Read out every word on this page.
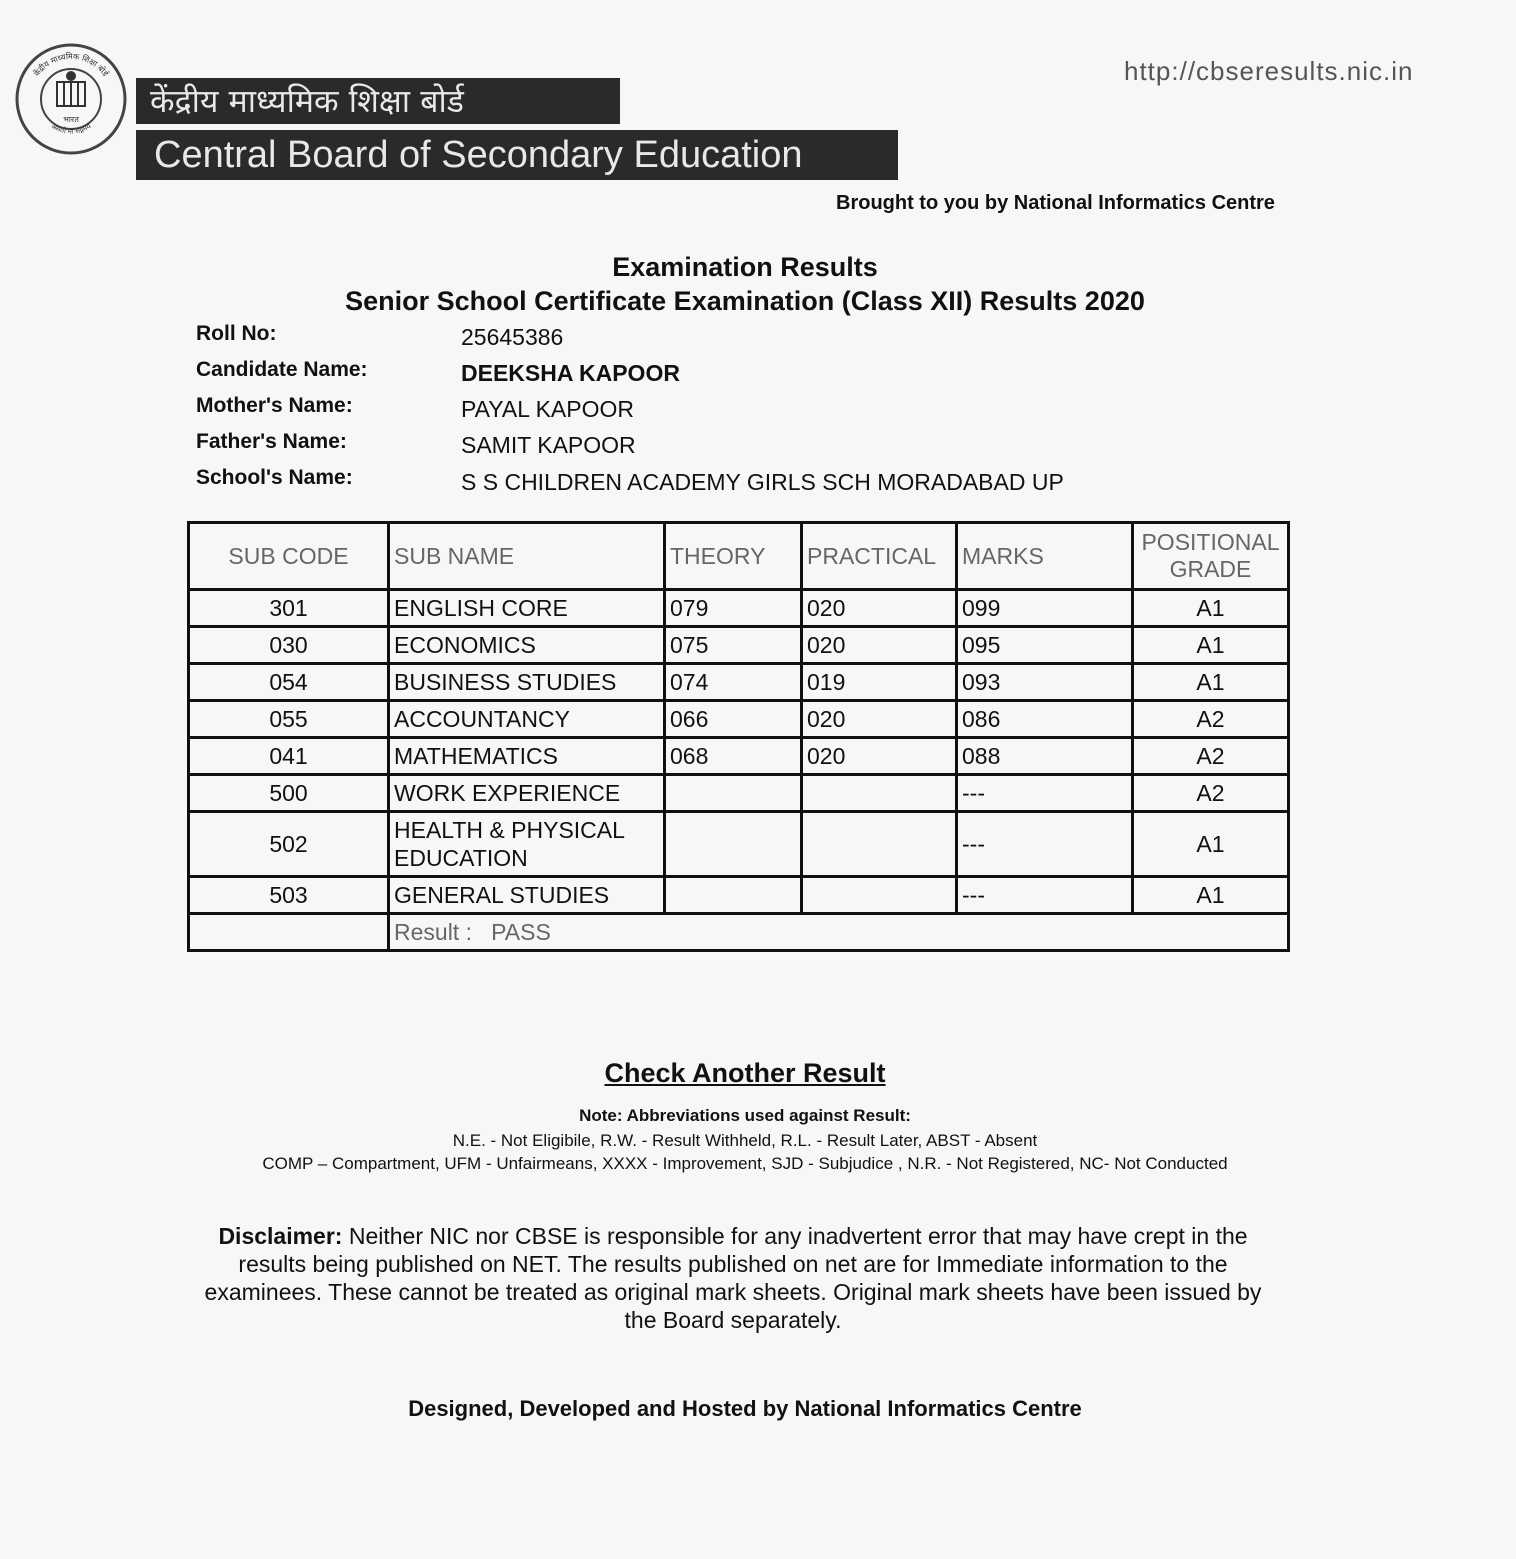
केंद्रीय माध्यमिक शिक्षा बोर्ड
असतो मा सद्गमय
भारत	केंद्रीय माध्यमिक शिक्षा बोर्ड
Central Board of Secondary Education
http://cbseresults.nic.in
Brought to you by National Informatics Centre
Examination Results
Senior School Certificate Examination (Class XII) Results 2020
Roll No:	25645386
Candidate Name:	DEEKSHA KAPOOR
Mother's Name:	PAYAL KAPOOR
Father's Name:	SAMIT KAPOOR
School's Name:	S S CHILDREN ACADEMY GIRLS SCH MORADABAD UP
SUB CODE	SUB NAME	THEORY	PRACTICAL	MARKS	POSITIONAL
GRADE

301	ENGLISH CORE	079	020	099	A1
030	ECONOMICS	075	020	095	A1
054	BUSINESS STUDIES	074	019	093	A1
055	ACCOUNTANCY	066	020	086	A2
041	MATHEMATICS	068	020	088	A2
500	WORK EXPERIENCE			---	A2
502	HEALTH & PHYSICAL EDUCATION			---	A1
503	GENERAL STUDIES			---	A1
	Result : PASS				
Check Another Result
Note: Abbreviations used against Result:
N.E. - Not Eligibile, R.W. - Result Withheld, R.L. - Result Later, ABST - Absent
COMP – Compartment, UFM - Unfairmeans, XXXX - Improvement, SJD - Subjudice , N.R. - Not Registered, NC- Not Conducted
Disclaimer: Neither NIC nor CBSE is responsible for any inadvertent error that may have crept in the results being published on NET. The results published on net are for Immediate information to the examinees. These cannot be treated as original mark sheets. Original mark sheets have been issued by the Board separately.
Designed, Developed and Hosted by National Informatics Centre
